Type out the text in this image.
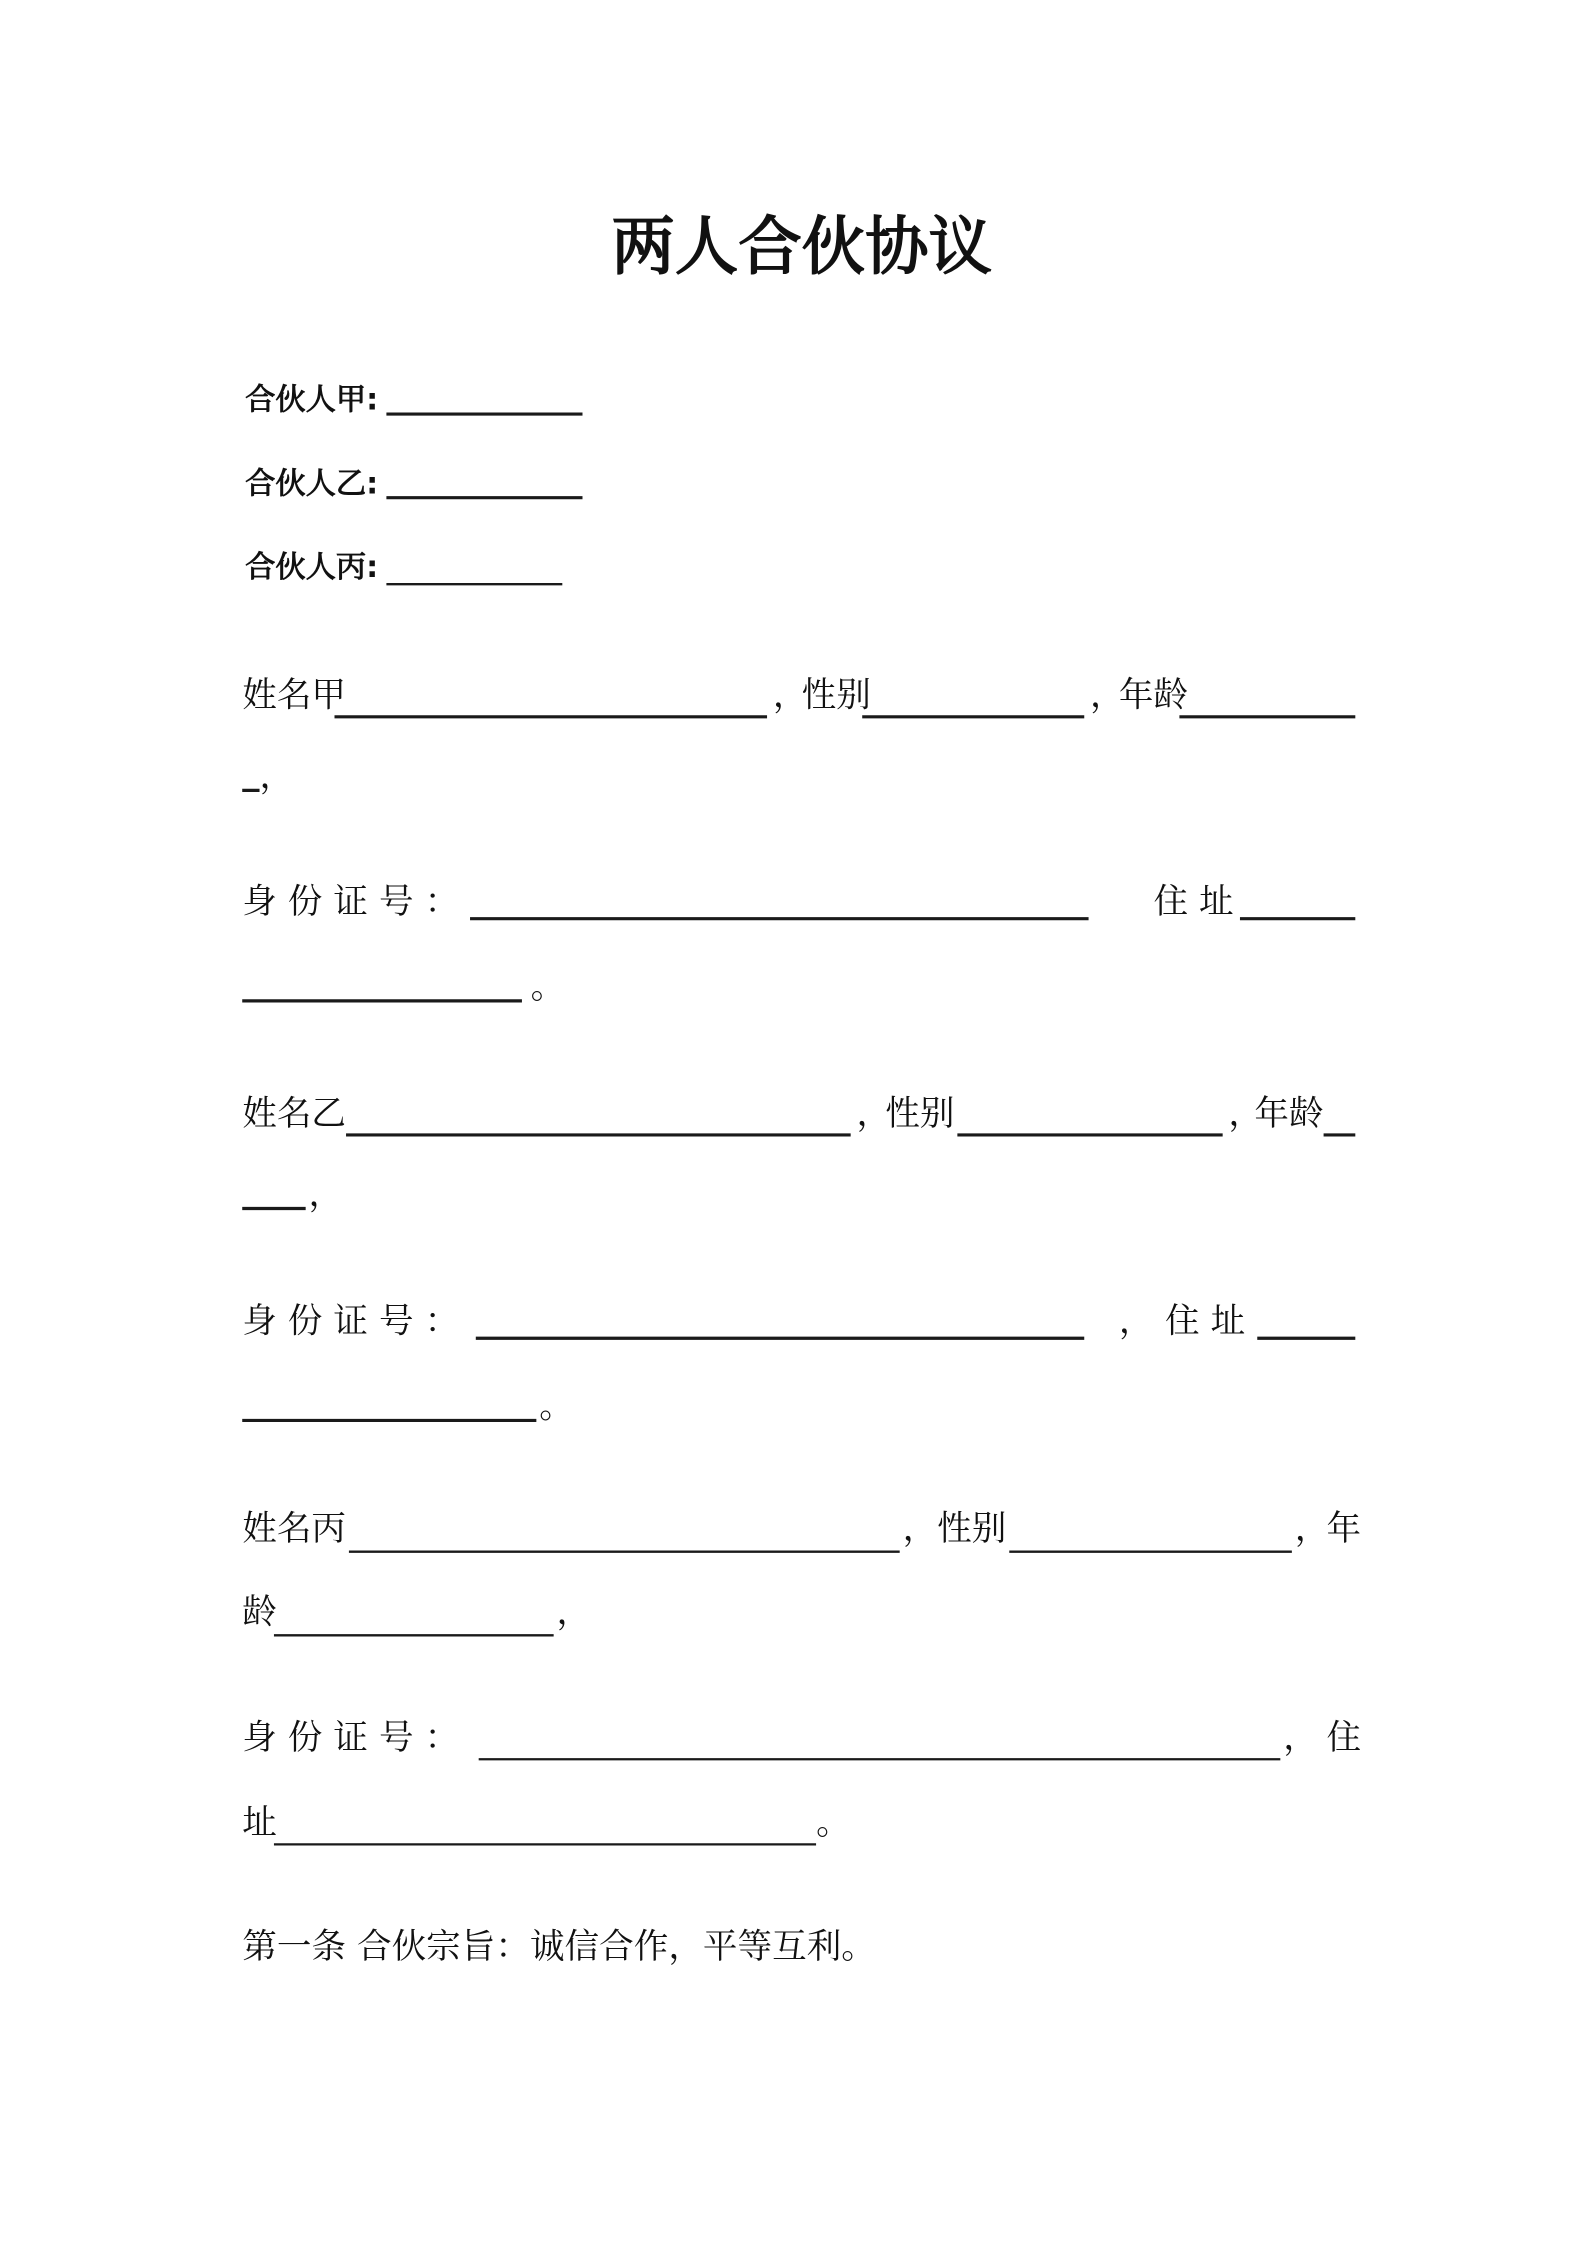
两人合伙协议
合伙人甲:
合伙人乙:
合伙人丙:
姓名甲	，
性别	，
年龄
，
身 份 证 号 ：	住 址
。
姓名乙	，
性别	，
年龄
，
身 份 证 号 ：	， 住 址
。
姓名丙	， 性别	，
年
龄	，
身 份 证 号 ：	， 住
址	。
第一条 合伙宗旨：诚信合作，平等互利。
